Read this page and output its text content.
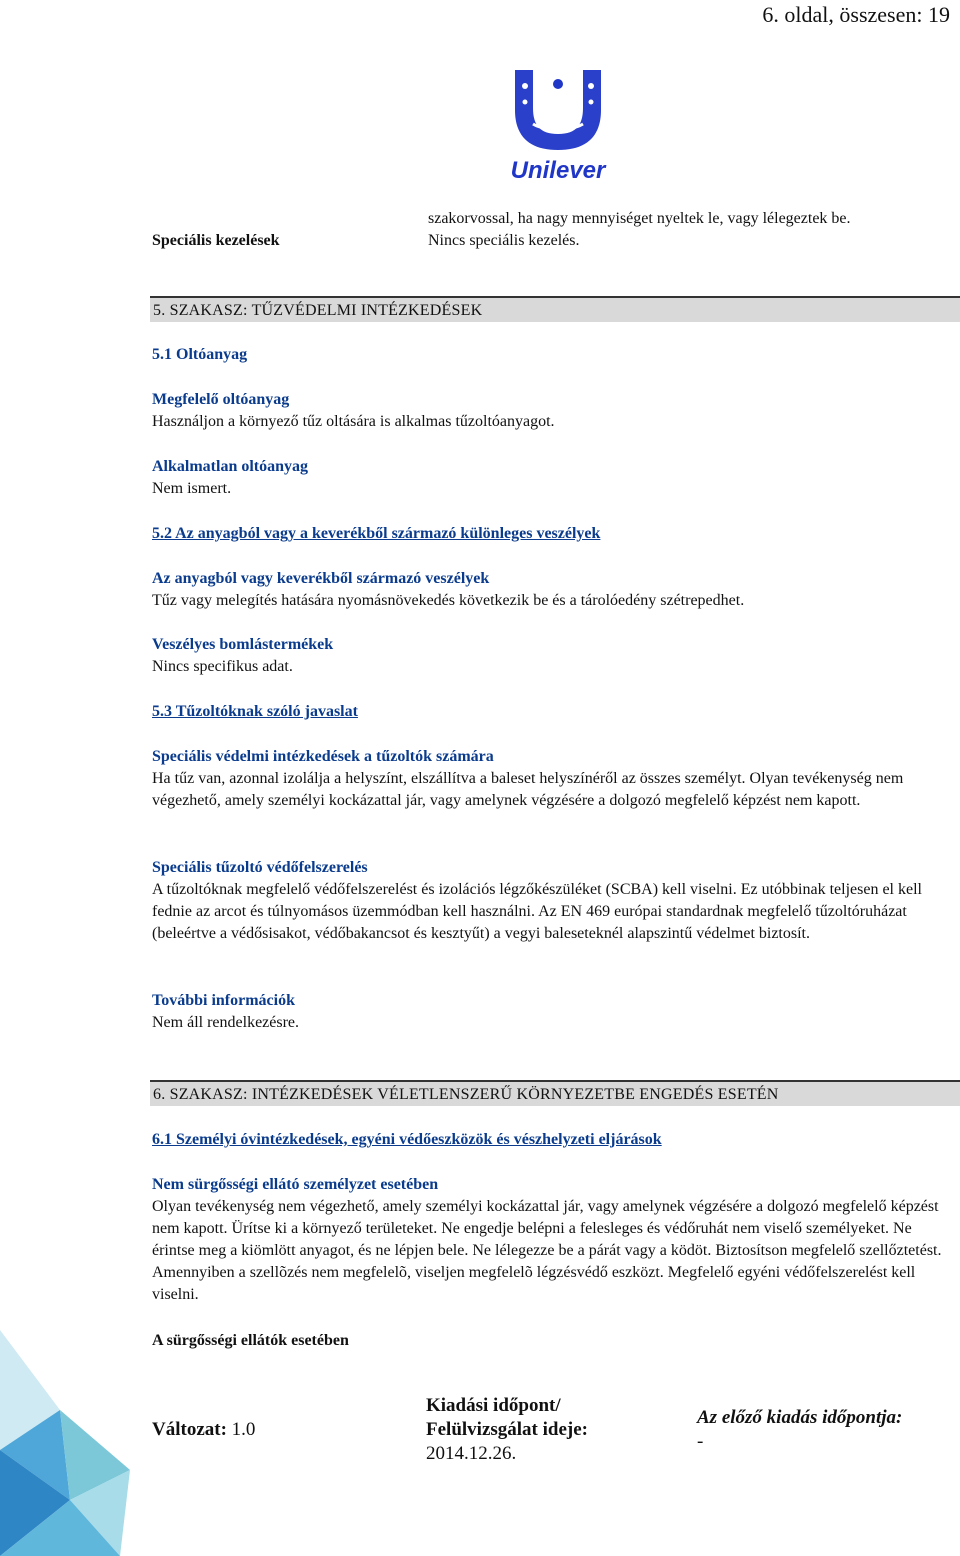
6. oldal, összesen: 19
Unilever
Speciális kezelések
szakorvossal, ha nagy mennyiséget nyeltek le, vagy lélegeztek be.
Nincs speciális kezelés.
5. SZAKASZ: TŰZVÉDELMI INTÉZKEDÉSEK
5.1 Oltóanyag
Megfelelő oltóanyag
Használjon a környező tűz oltására is alkalmas tűzoltóanyagot.
Alkalmatlan oltóanyag
Nem ismert.
5.2 Az anyagból vagy a keverékből származó különleges veszélyek
Az anyagból vagy keverékből származó veszélyek
Tűz vagy melegítés hatására nyomásnövekedés következik be és a tárolóedény szétrepedhet.
Veszélyes bomlástermékek
Nincs specifikus adat.
5.3 Tűzoltóknak szóló javaslat
Speciális védelmi intézkedések a tűzoltók számára
Ha tűz van, azonnal izolálja a helyszínt, elszállítva a baleset helyszínéről az összes személyt. Olyan tevékenység nem végezhető, amely személyi kockázattal jár, vagy amelynek végzésére a dolgozó megfelelő képzést nem kapott.
Speciális tűzoltó védőfelszerelés
A tűzoltóknak megfelelő védőfelszerelést és izolációs légzőkészüléket (SCBA) kell viselni. Ez utóbbinak teljesen el kell fednie az arcot és túlnyomásos üzemmódban kell használni. Az EN 469 európai standardnak megfelelő tűzoltóruházat (beleértve a védősisakot, védőbakancsot és kesztyűt) a vegyi baleseteknél alapszintű védelmet biztosít.
További információk
Nem áll rendelkezésre.
6. SZAKASZ: INTÉZKEDÉSEK VÉLETLENSZERŰ KÖRNYEZETBE ENGEDÉS ESETÉN
6.1 Személyi óvintézkedések, egyéni védőeszközök és vészhelyzeti eljárások
Nem sürgősségi ellátó személyzet esetében
Olyan tevékenység nem végezhető, amely személyi kockázattal jár, vagy amelynek végzésére a dolgozó megfelelő képzést nem kapott. Ürítse ki a környező területeket. Ne engedje belépni a felesleges és védőruhát nem viselő személyeket. Ne érintse meg a kiömlött anyagot, és ne lépjen bele. Ne lélegezze be a párát vagy a ködöt. Biztosítson megfelelő szellőztetést. Amennyiben a szellõzés nem megfelelõ, viseljen megfelelõ légzésvédő eszközt. Megfelelő egyéni védőfelszerelést kell viselni.
A sürgősségi ellátók esetében
Változat: 1.0
Kiadási időpont/
Felülvizsgálat ideje:
2014.12.26.
Az előző kiadás időpontja:
-
